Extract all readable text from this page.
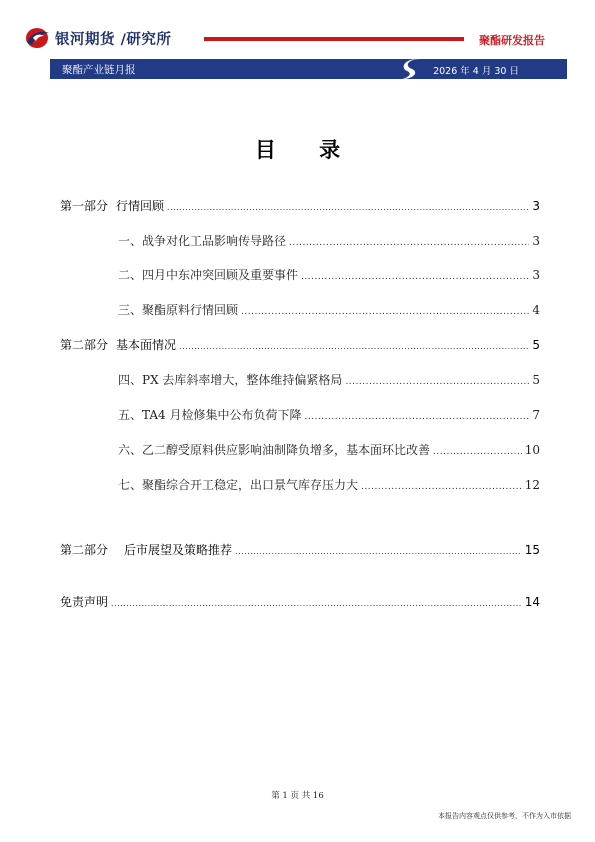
银河期货 /研究所	聚酯研发报告
聚酯产业链月报	2026 年 4 月 30 日
目 录
第一部分 行情回顾 .....	3
一、战争对化工品影响传导路径 .....	3
二、四月中东冲突回顾及重要事件 .....	3
三、聚酯原料行情回顾 .....	4
第二部分 基本面情况 .....	5
四、PX 去库斜率增大，整体维持偏紧格局 .....	5
五、TA4 月检修集中公布负荷下降 .....	7
六、乙二醇受原料供应影响油制降负增多，基本面环比改善 .....	10
七、聚酯综合开工稳定，出口景气库存压力大 .....	12
第二部分 后市展望及策略推荐 .....	15
免责声明 .....	14
第 1 页 共 16
本报告内容观点仅供参考，不作为入市依据
